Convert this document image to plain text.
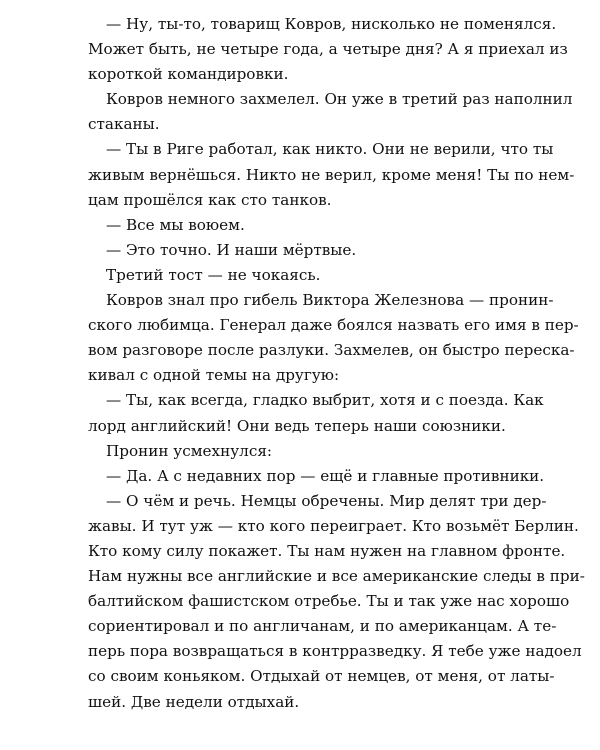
— Ну, ты-то, товарищ Ковров, нисколько не поменялся.
Может быть, не четыре года, а четыре дня? А я приехал из
короткой командировки.
Ковров немного захмелел. Он уже в третий раз наполнил
стаканы.
— Ты в Риге работал, как никто. Они не верили, что ты
живым вернёшься. Никто не верил, кроме меня! Ты по нем-
цам прошёлся как сто танков.
— Все мы воюем.
— Это точно. И наши мёртвые.
Третий тост — не чокаясь.
Ковров знал про гибель Виктора Железнова — пронин-
ского любимца. Генерал даже боялся назвать его имя в пер-
вом разговоре после разлуки. Захмелев, он быстро переска-
кивал с одной темы на другую:
— Ты, как всегда, гладко выбрит, хотя и с поезда. Как
лорд английский! Они ведь теперь наши союзники.
Пронин усмехнулся:
— Да. А с недавних пор — ещё и главные противники.
— О чём и речь. Немцы обречены. Мир делят три дер-
жавы. И тут уж — кто кого переиграет. Кто возьмёт Берлин.
Кто кому силу покажет. Ты нам нужен на главном фронте.
Нам нужны все английские и все американские следы в при-
балтийском фашистском отребье. Ты и так уже нас хорошо
сориентировал и по англичанам, и по американцам. А те-
перь пора возвращаться в контрразведку. Я тебе уже надоел
со своим коньяком. Отдыхай от немцев, от меня, от латы-
шей. Две недели отдыхай.
